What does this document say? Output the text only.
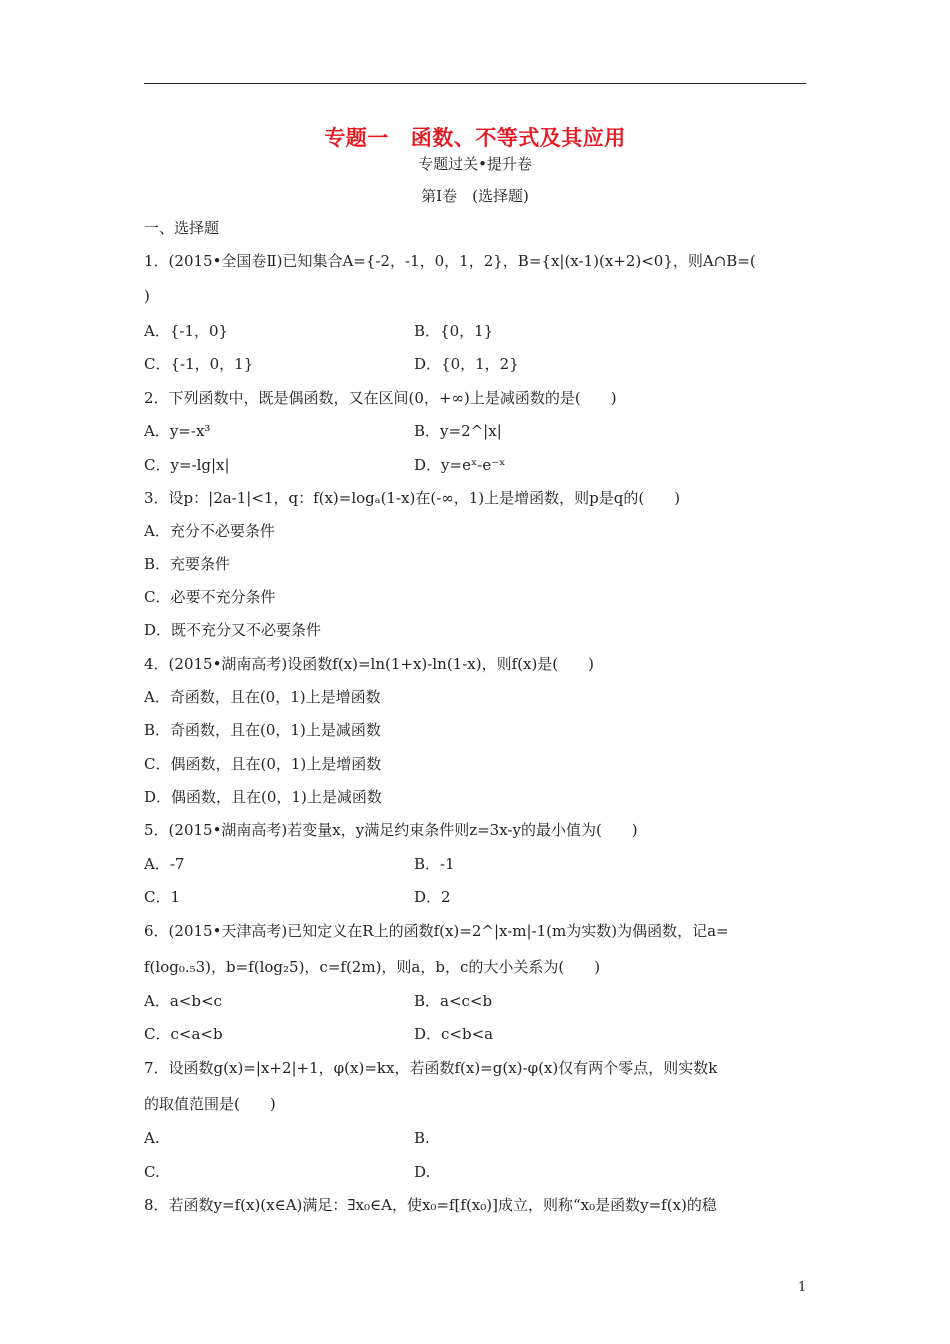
专题一 函数、不等式及其应用
专题过关•提升卷
第Ⅰ卷　(选择题)
一、选择题
1．(2015•全国卷Ⅱ)已知集合A={-2，-1，0，1，2}，B={x|(x-1)(x+2)<0}，则A∩B=(
)
A．{-1，0}	B．{0，1}
C．{-1，0，1}	D．{0，1，2}
2．下列函数中，既是偶函数，又在区间(0，+∞)上是减函数的是(　　)
A．y=-x³	B．y=2^|x|
C．y=-lg|x|	D．y=eˣ-e⁻ˣ
3．设p：|2a-1|<1，q：f(x)=logₐ(1-x)在(-∞，1)上是增函数，则p是q的(　　)
A．充分不必要条件
B．充要条件
C．必要不充分条件
D．既不充分又不必要条件
4．(2015•湖南高考)设函数f(x)=ln(1+x)-ln(1-x)，则f(x)是(　　)
A．奇函数，且在(0，1)上是增函数
B．奇函数，且在(0，1)上是减函数
C．偶函数，且在(0，1)上是增函数
D．偶函数，且在(0，1)上是减函数
5．(2015•湖南高考)若变量x，y满足约束条件则z=3x-y的最小值为(　　)
A．-7	B．-1
C．1	D．2
6．(2015•天津高考)已知定义在R上的函数f(x)=2^|x-m|-1(m为实数)为偶函数，记a=
f(log₀.₅3)，b=f(log₂5)，c=f(2m)，则a，b，c的大小关系为(　　)
A．a<b<c	B．a<c<b
C．c<a<b	D．c<b<a
7．设函数g(x)=|x+2|+1，φ(x)=kx，若函数f(x)=g(x)-φ(x)仅有两个零点，则实数k
的取值范围是(　　)
A.	B.
C.	D.
8．若函数y=f(x)(x∈A)满足：∃x₀∈A，使x₀=f[f(x₀)]成立，则称“x₀是函数y=f(x)的稳
1
